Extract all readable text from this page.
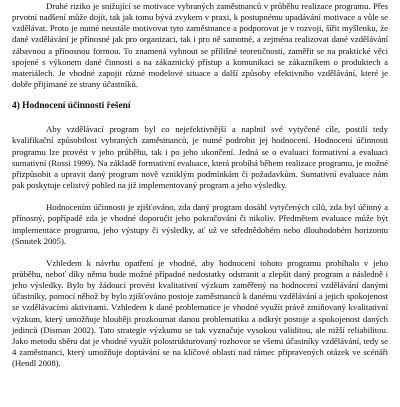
Druhé riziko je snižující se motivace vybraných zaměstnanců v průběhu realizace programu. Přes prvotní nadšení může dojít, tak jak tomu bývá zvykem v praxi, k postupnému upadávání motivace a vůle se vzdělávat. Proto je nutné neustále motivovat tyto zaměstnance a podporovat je v rozvoji, šířit myšlenku, že dané vzdělávání je přínosné jak pro organizaci, tak i pro ně samotné, a zejména realizovat dané vzdělávání zábavnou a přínosnou formou. To znamená vyhnout se přílišné teoretičnosti, zaměřit se na praktické věci spojené s výkonem dané činnosti a na zákaznický přístup a komunikaci se zákazníkem o produktech a materiálech. Je vhodné zapojit různé modelové situace a další způsoby efektivního vzdělávání, které je dobře přijímané ze strany účastníků.

4) Hodnocení účinnosti řešení

Aby vzdělávací program byl co nejefektivnější a naplnil své vytyčené cíle, postilí tedy kvalifikační způsobilost vybraných zaměstnanců, je nutné podrobit jej hodnocení. Hodnocení účinnosti programu lze provést v jeho průběhu, tak i po jeho ukončení. Jedná se o evaluaci formativní a evaluaci sumativní (Rossi 1999). Na základě formativní evaluace, která probíhá během realizace programu, je možné přizpůsobit a upravit daný program nově vzniklým podmínkám či požadavkům. Sumativní evaluace nám pak poskytuje celistvý pohled na již implementovaný program a jeho výsledky.

Hodnocením účinnosti je zjišťováno, zda daný program dosáhl vytyčených cílů, zda byl účinný a přínosný, popřípadě zda je vhodné doporučit jeho pokračování či nikoliv. Předmětem evaluace může být implementace programu, jeho výstupy či výsledky, ať už ve střednědobém nebo dlouhodobém horizontu (Smutek 2005).

Vzhledem k návrhu opatření je vhodné, aby hodnocení tohoto programu probíhalo v jeho průběhu, neboť díky němu bude možné případné nedostatky odstranit a zlepšit daný program a následně i jeho výsledky. Bylo by žádoucí provést kvalitativní výzkum zaměřený na hodnocení vzdělávání danými účastníky, pomocí něhož by bylo zjišťováno postoje zaměstnanců k danému vzdělávání a jejich spokojenost se vzdělávacími aktivitami. Vzhledem k dané problematice je vhodné využít právě zmiňovaný kvalitativní výzkum, který umožňuje hlouběji prozkoumat danou problematiku a odkrýt postoje a spokojenost daných jedinců (Disman 2002). Tato strategie výzkumu se tak vyznačuje vysokou validitou, ale nižší reliabilitou. Jako metodu sběru dat je vhodné využít polostrukturovaný rozhovor se všemi účastníky vzdělávání, tedy se 4 zaměstnanci, který umožňuje doptávání se na klíčové oblasti nad rámec připravených otázek ve scénáři (Hendl 2008).
